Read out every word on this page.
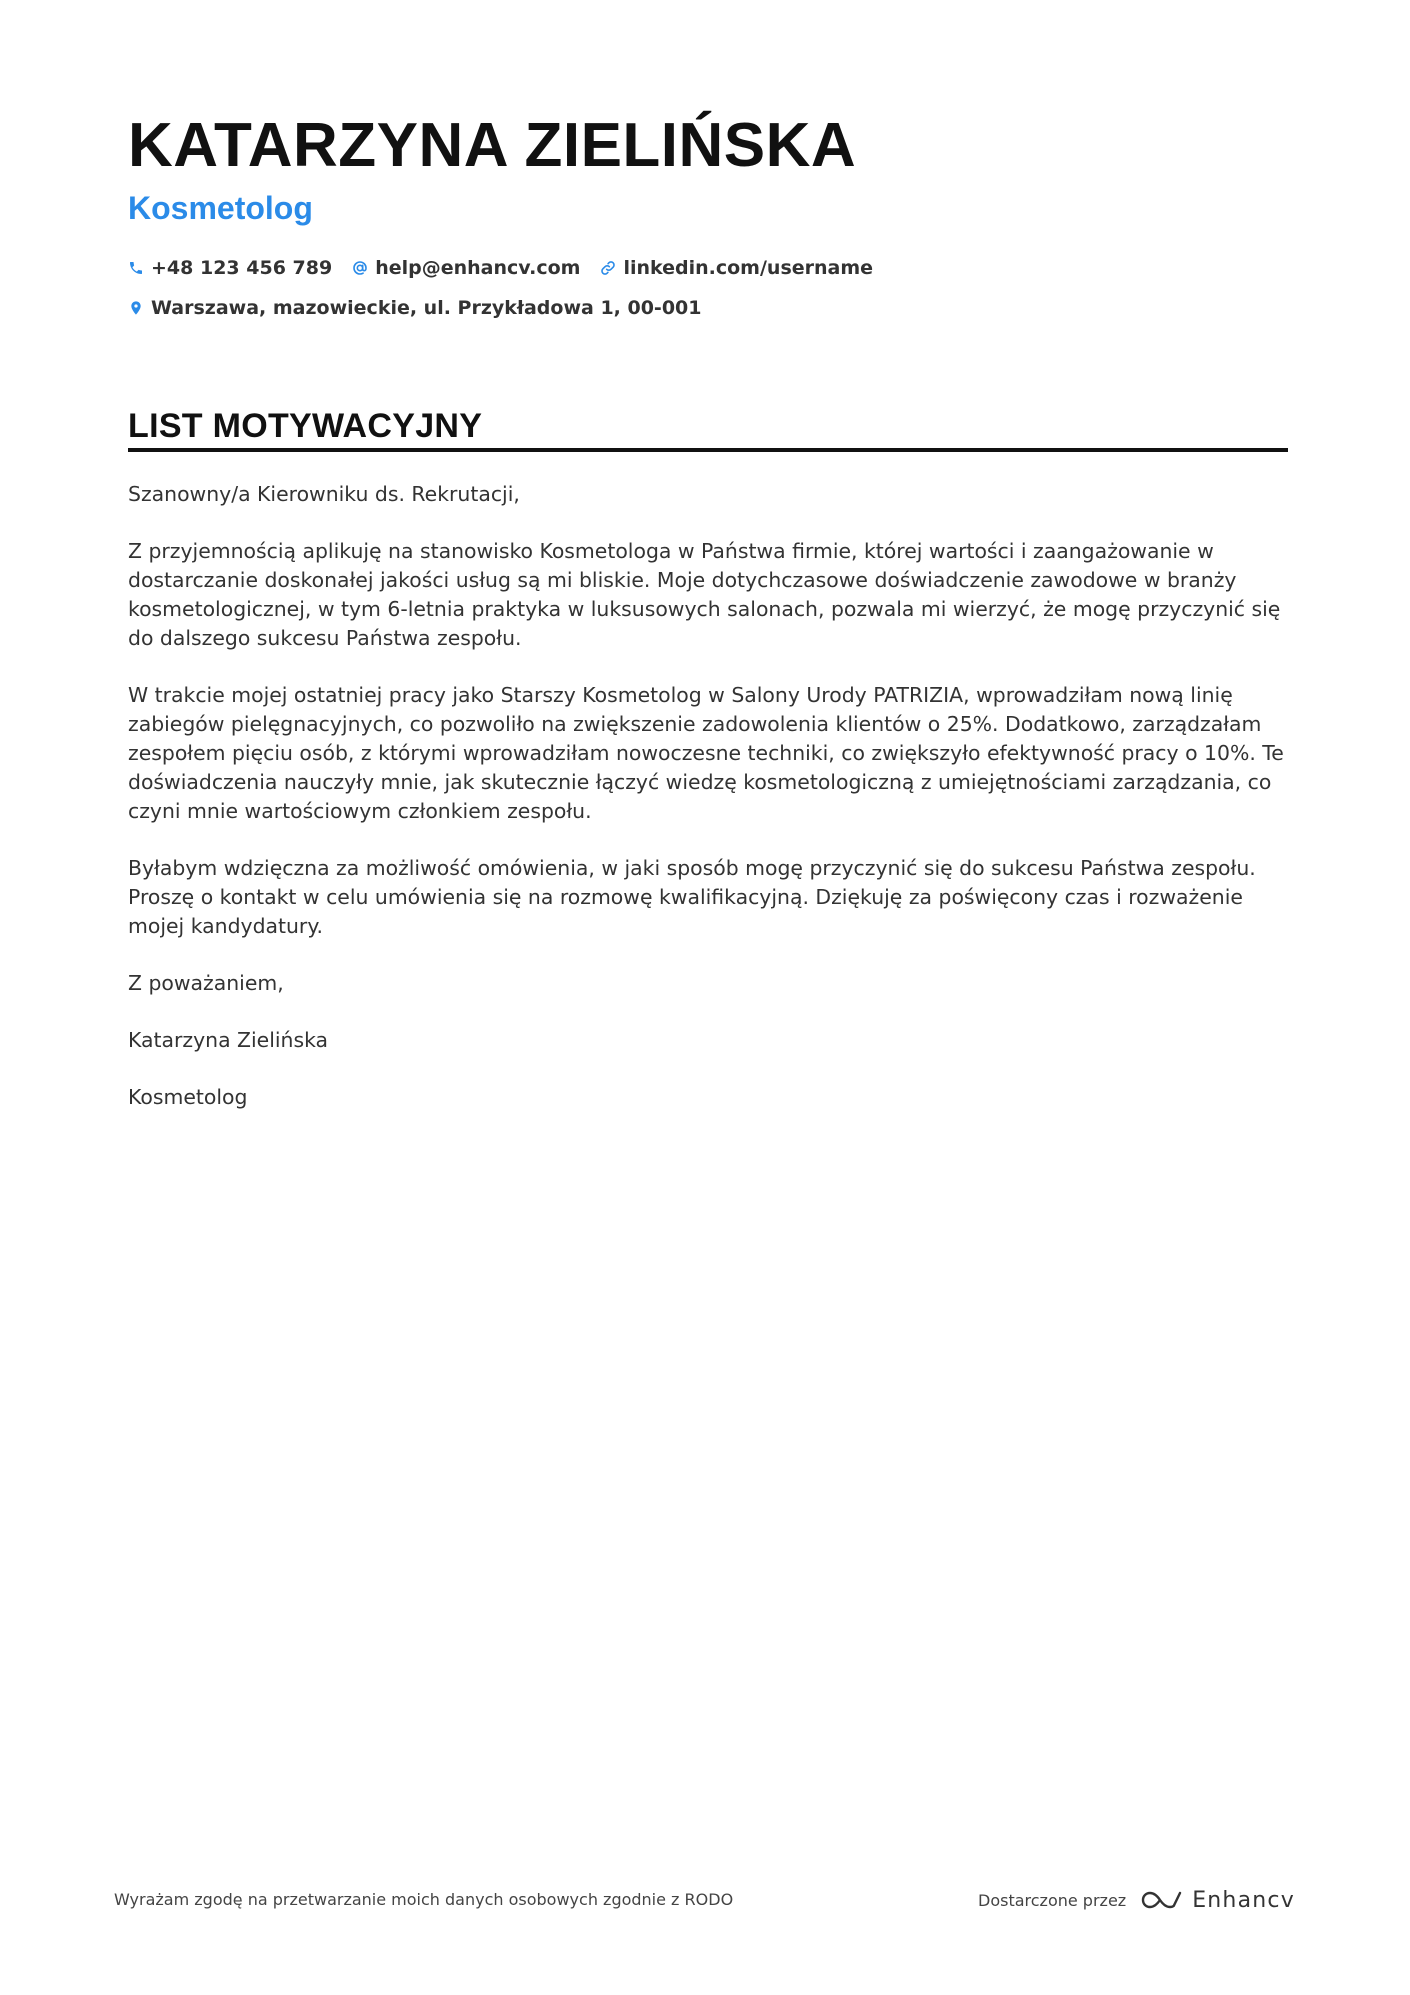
KATARZYNA ZIELIŃSKA
Kosmetolog
+48 123 456 789 help@enhancv.com linkedin.com/username
Warszawa, mazowieckie, ul. Przykładowa 1, 00-001
LIST MOTYWACYJNY

Szanowny/a Kierowniku ds. Rekrutacji,

Z przyjemnością aplikuję na stanowisko Kosmetologa w Państwa firmie, której wartości i zaangażowanie w dostarczanie doskonałej jakości usług są mi bliskie. Moje dotychczasowe doświadczenie zawodowe w branży kosmetologicznej, w tym 6-letnia praktyka w luksusowych salonach, pozwala mi wierzyć, że mogę przyczynić się do dalszego sukcesu Państwa zespołu.

W trakcie mojej ostatniej pracy jako Starszy Kosmetolog w Salony Urody PATRIZIA, wprowadziłam nową linię zabiegów pielęgnacyjnych, co pozwoliło na zwiększenie zadowolenia klientów o 25%. Dodatkowo, zarządzałam zespołem pięciu osób, z którymi wprowadziłam nowoczesne techniki, co zwiększyło efektywność pracy o 10%. Te doświadczenia nauczyły mnie, jak skutecznie łączyć wiedzę kosmetologiczną z umiejętnościami zarządzania, co czyni mnie wartościowym członkiem zespołu.

Byłabym wdzięczna za możliwość omówienia, w jaki sposób mogę przyczynić się do sukcesu Państwa zespołu. Proszę o kontakt w celu umówienia się na rozmowę kwalifikacyjną. Dziękuję za poświęcony czas i rozważenie mojej kandydatury.

Z poważaniem,

Katarzyna Zielińska

Kosmetolog

Wyrażam zgodę na przetwarzanie moich danych osobowych zgodnie z RODO	Dostarczone przez	Enhancv
